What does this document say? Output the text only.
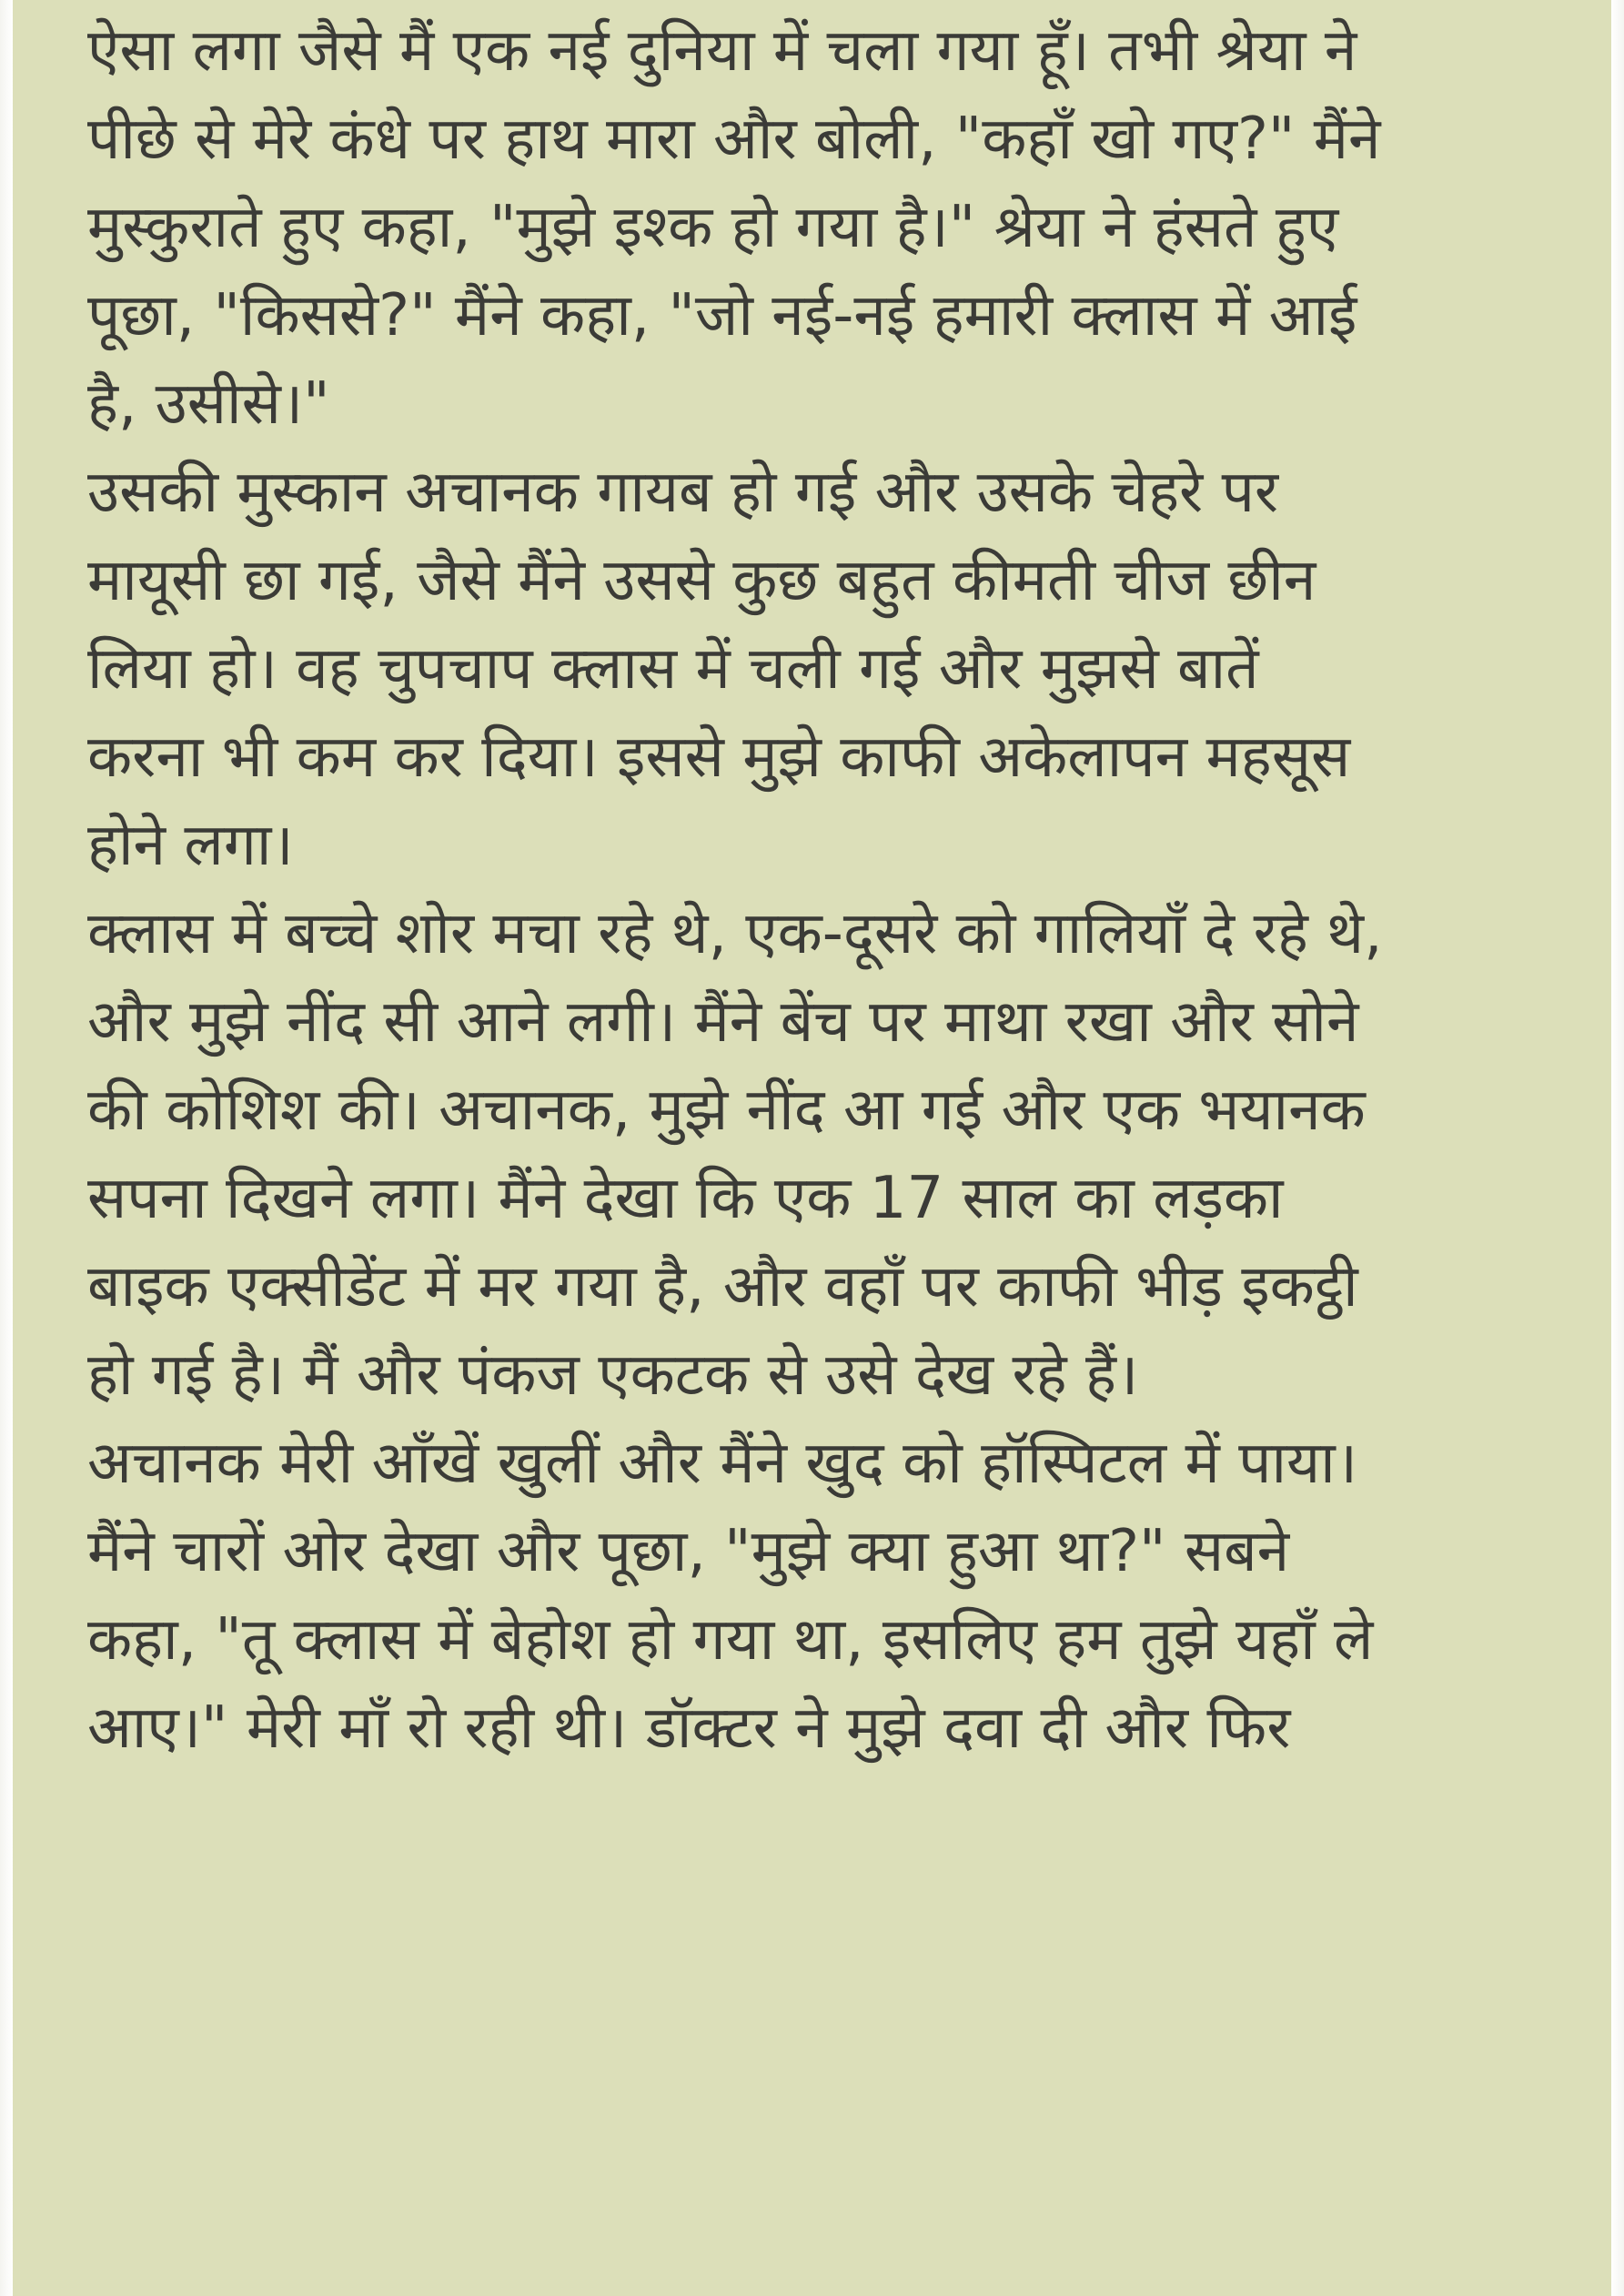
ऐसा लगा जैसे मैं एक नई दुनिया में चला गया हूँ। तभी श्रेया ने
पीछे से मेरे कंधे पर हाथ मारा और बोली, "कहाँ खो गए?" मैंने
मुस्कुराते हुए कहा, "मुझे इश्क हो गया है।" श्रेया ने हंसते हुए
पूछा, "किससे?" मैंने कहा, "जो नई-नई हमारी क्लास में आई
है, उसीसे।"

उसकी मुस्कान अचानक गायब हो गई और उसके चेहरे पर
मायूसी छा गई, जैसे मैंने उससे कुछ बहुत कीमती चीज छीन
लिया हो। वह चुपचाप क्लास में चली गई और मुझसे बातें
करना भी कम कर दिया। इससे मुझे काफी अकेलापन महसूस
होने लगा।

क्लास में बच्चे शोर मचा रहे थे, एक-दूसरे को गालियाँ दे रहे थे,
और मुझे नींद सी आने लगी। मैंने बेंच पर माथा रखा और सोने
की कोशिश की। अचानक, मुझे नींद आ गई और एक भयानक
सपना दिखने लगा। मैंने देखा कि एक 17 साल का लड़का
बाइक एक्सीडेंट में मर गया है, और वहाँ पर काफी भीड़ इकट्ठी
हो गई है। मैं और पंकज एकटक से उसे देख रहे हैं।

अचानक मेरी आँखें खुलीं और मैंने खुद को हॉस्पिटल में पाया।
मैंने चारों ओर देखा और पूछा, "मुझे क्या हुआ था?" सबने
कहा, "तू क्लास में बेहोश हो गया था, इसलिए हम तुझे यहाँ ले
आए।" मेरी माँ रो रही थी। डॉक्टर ने मुझे दवा दी और फिर
